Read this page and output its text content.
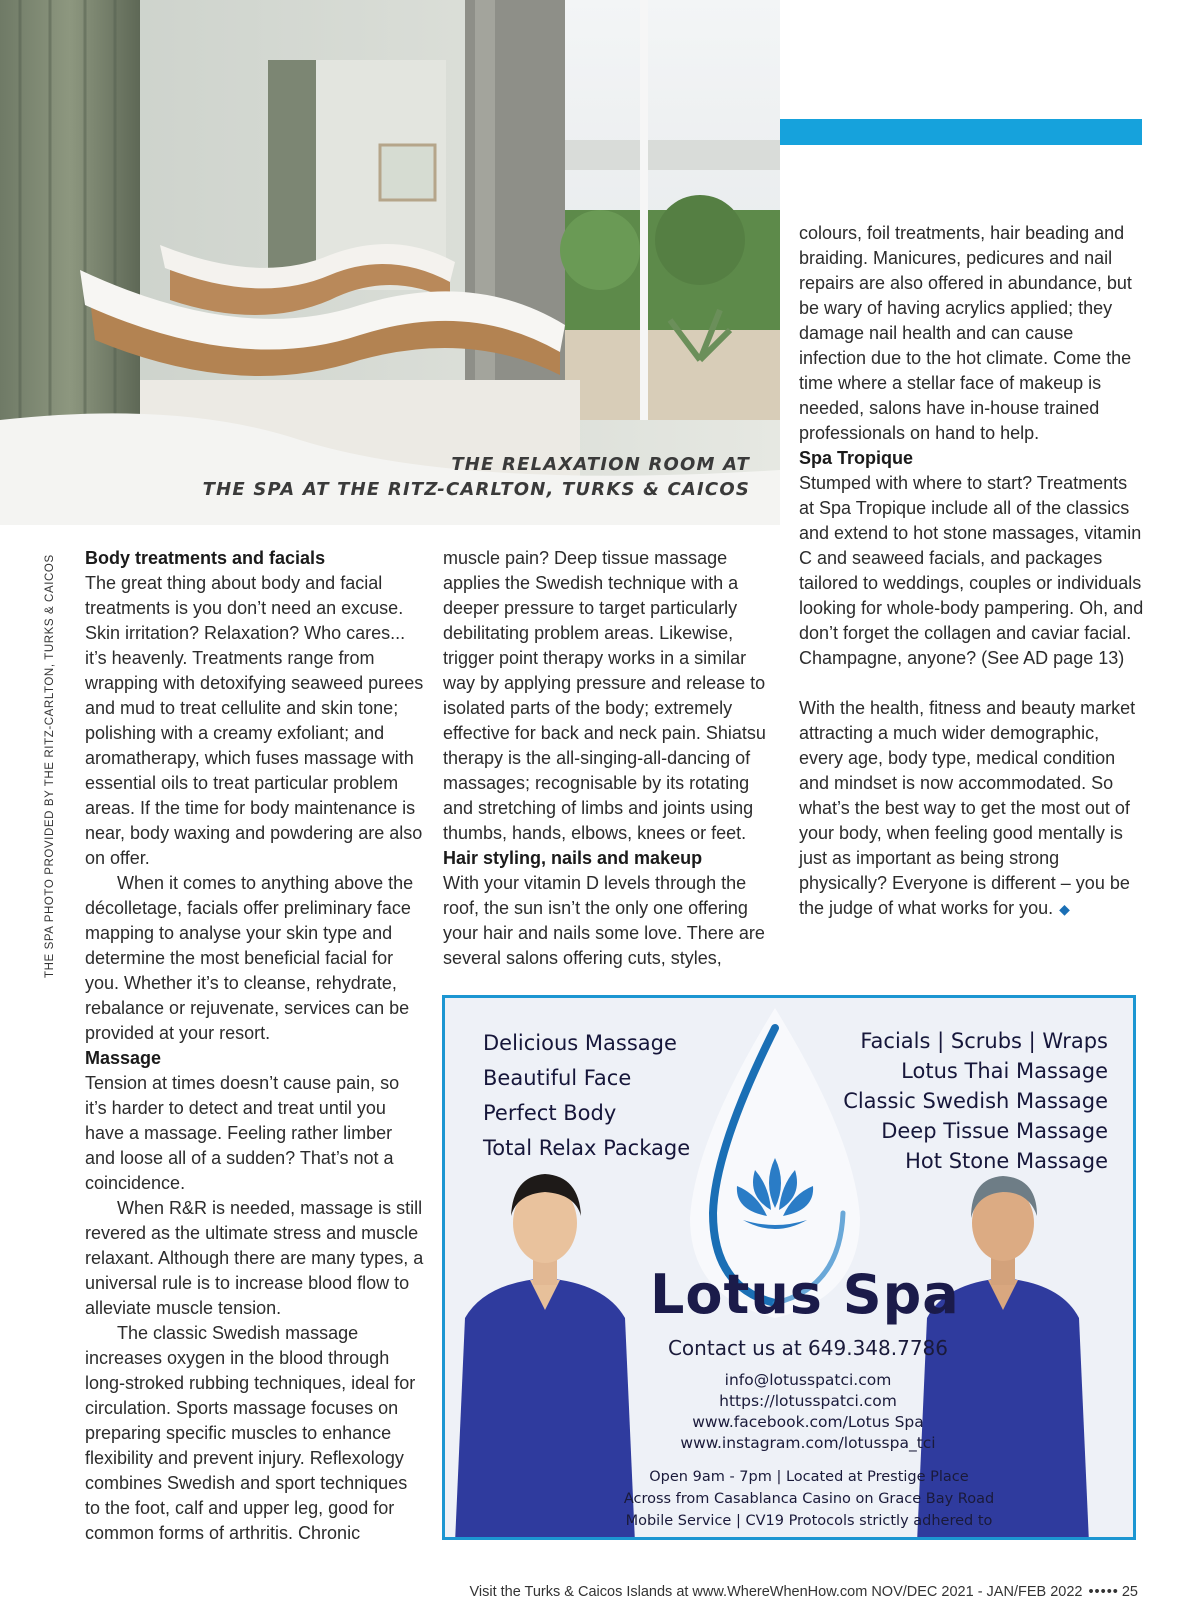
THE RELAXATION ROOM AT
THE SPA AT THE RITZ-CARLTON, TURKS & CAICOS
THE SPA PHOTO PROVIDED BY THE RITZ-CARLTON, TURKS & CAICOS Body treatments and facials

The great thing about body and facial treatments is you don’t need an excuse. Skin irritation? Relaxation? Who cares... it’s heavenly. Treatments range from wrapping with detoxifying seaweed purees and mud to treat cellulite and skin tone; polishing with a creamy exfoliant; and aromatherapy, which fuses massage with essential oils to treat particular problem areas. If the time for body maintenance is near, body waxing and powdering are also on offer.

When it comes to anything above the décolletage, facials offer preliminary face mapping to analyse your skin type and determine the most beneficial facial for you. Whether it’s to cleanse, rehydrate, rebalance or rejuvenate, services can be provided at your resort.

Massage

Tension at times doesn’t cause pain, so it’s harder to detect and treat until you have a massage. Feeling rather limber and loose all of a sudden? That’s not a coincidence.

When R&R is needed, massage is still revered as the ultimate stress and muscle relaxant. Although there are many types, a universal rule is to increase blood flow to alleviate muscle tension.

The classic Swedish massage increases oxygen in the blood through long-stroked rubbing techniques, ideal for circulation. Sports massage focuses on preparing specific muscles to enhance flexibility and prevent injury. Reflexology combines Swedish and sport techniques to the foot, calf and upper leg, good for common forms of arthritis. Chronic

muscle pain? Deep tissue massage applies the Swedish technique with a deeper pressure to target particularly debilitating problem areas. Likewise, trigger point therapy works in a similar way by applying pressure and release to isolated parts of the body; extremely effective for back and neck pain. Shiatsu therapy is the all-singing-all-dancing of massages; recognisable by its rotating and stretching of limbs and joints using thumbs, hands, elbows, knees or feet.

Hair styling, nails and makeup

With your vitamin D levels through the roof, the sun isn’t the only one offering your hair and nails some love. There are several salons offering cuts, styles,

colours, foil treatments, hair beading and braiding. Manicures, pedicures and nail repairs are also offered in abundance, but be wary of having acrylics applied; they damage nail health and can cause infection due to the hot climate. Come the time where a stellar face of makeup is needed, salons have in-house trained professionals on hand to help.

Spa Tropique

Stumped with where to start? Treatments at Spa Tropique include all of the classics and extend to hot stone massages, vitamin C and seaweed facials, and packages tailored to weddings, couples or individuals looking for whole-body pampering. Oh, and don’t forget the collagen and caviar facial. Champagne, anyone? (See AD page 13)

With the health, fitness and beauty market attracting a much wider demographic, every age, body type, medical condition and mindset is now accommodated. So what’s the best way to get the most out of your body, when feeling good mentally is just as important as being strong physically? Everyone is different – you be the judge of what works for you. ◆

Delicious Massage
Beautiful Face
Perfect Body
Total Relax Package
Facials | Scrubs | Wraps
Lotus Thai Massage
Classic Swedish Massage
Deep Tissue Massage
Hot Stone Massage
Lotus Spa
Contact us at 649.348.7786
info@lotusspatci.com
https://lotusspatci.com
www.facebook.com/Lotus Spa
www.instagram.com/lotusspa_tci
Open 9am - 7pm | Located at Prestige Place
Across from Casablanca Casino on Grace Bay Road
Mobile Service | CV19 Protocols strictly adhered to
Visit the Turks & Caicos Islands at www.WhereWhenHow.com NOV/DEC 2021 - JAN/FEB 2022 ••••• 25
